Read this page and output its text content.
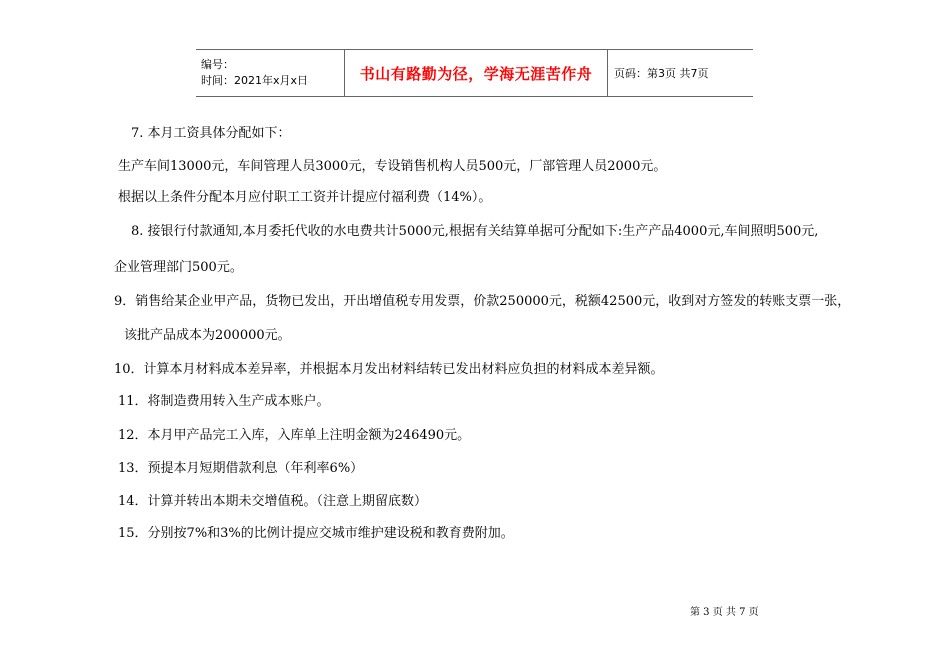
编号：
时间：2021年x月x日	书山有路勤为径，学海无涯苦作舟	页码：第3页 共7页
7. 本月工资具体分配如下：
生产车间13000元，车间管理人员3000元，专设销售机构人员500元，厂部管理人员2000元。
根据以上条件分配本月应付职工工资并计提应付福利费（14%）。
8. 接银行付款通知,本月委托代收的水电费共计5000元,根据有关结算单据可分配如下:生产产品4000元,车间照明500元,
企业管理部门500元。
9．销售给某企业甲产品，货物已发出，开出增值税专用发票，价款250000元，税额42500元，收到对方签发的转账支票一张，
该批产品成本为200000元。
10．计算本月材料成本差异率，并根据本月发出材料结转已发出材料应负担的材料成本差异额。
11．将制造费用转入生产成本账户。
12．本月甲产品完工入库，入库单上注明金额为246490元。
13．预提本月短期借款利息（年利率6%）
14．计算并转出本期未交增值税。（注意上期留底数）
15．分别按7%和3%的比例计提应交城市维护建设税和教育费附加。
第 3 页 共 7 页
